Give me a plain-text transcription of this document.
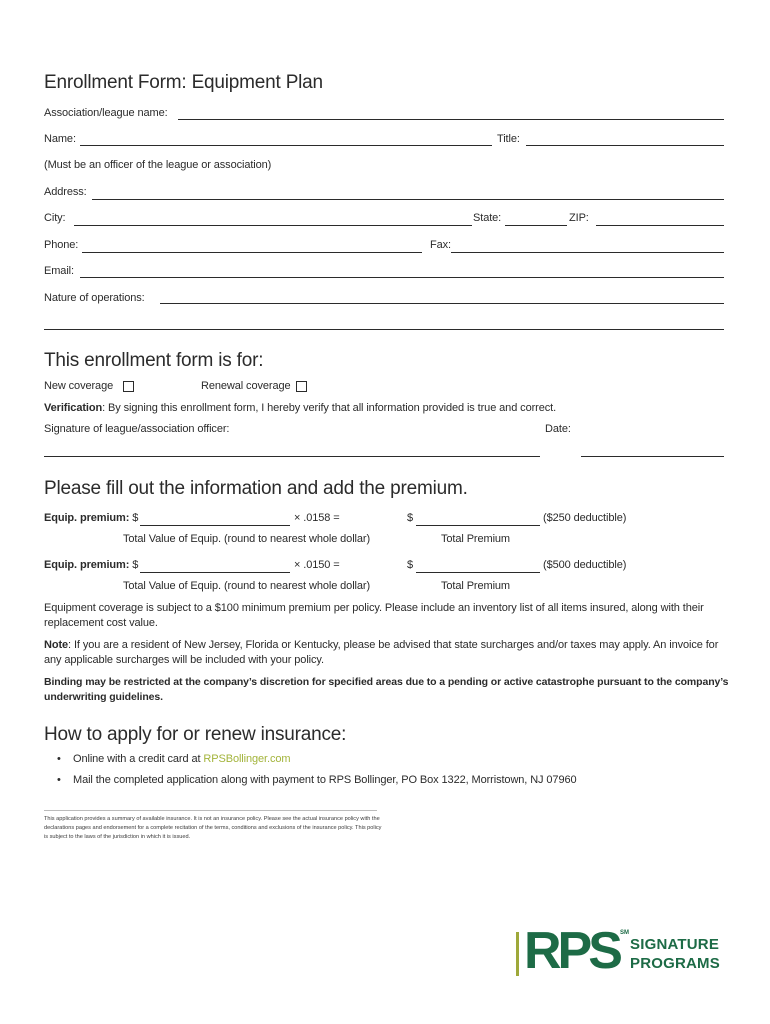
Enrollment Form: Equipment Plan
Association/league name:
Name:	Title:
(Must be an officer of the league or association)
Address:
City:	State:	ZIP:
Phone:	Fax:
Email:
Nature of operations:
This enrollment form is for:
New coverage	Renewal coverage
Verification: By signing this enrollment form, I hereby verify that all information provided is true and correct.
Signature of league/association officer:	Date:
Please fill out the information and add the premium.
Equip. premium: $	× .0158 =	$	($250 deductible)
Total Value of Equip. (round to nearest whole dollar)	Total Premium
Equip. premium: $	× .0150 =	$	($500 deductible)
Total Value of Equip. (round to nearest whole dollar)	Total Premium
Equipment coverage is subject to a $100 minimum premium per policy. Please include an inventory list of all items insured, along with their replacement cost value.
Note: If you are a resident of New Jersey, Florida or Kentucky, please be advised that state surcharges and/or taxes may apply. An invoice for any applicable surcharges will be included with your policy.
Binding may be restricted at the company’s discretion for specified areas due to a pending or active catastrophe pursuant to the company’s underwriting guidelines.
How to apply for or renew insurance:
• Online with a credit card at RPSBollinger.com
• Mail the completed application along with payment to RPS Bollinger, PO Box 1322, Morristown, NJ 07960
This application provides a summary of available insurance. It is not an insurance policy. Please see the actual insurance policy with the declarations pages and endorsement for a complete recitation of the terms, conditions and exclusions of the insurance policy. This policy is subject to the laws of the jurisdiction in which it is issued.
RPS SM
SIGNATURE
PROGRAMS
